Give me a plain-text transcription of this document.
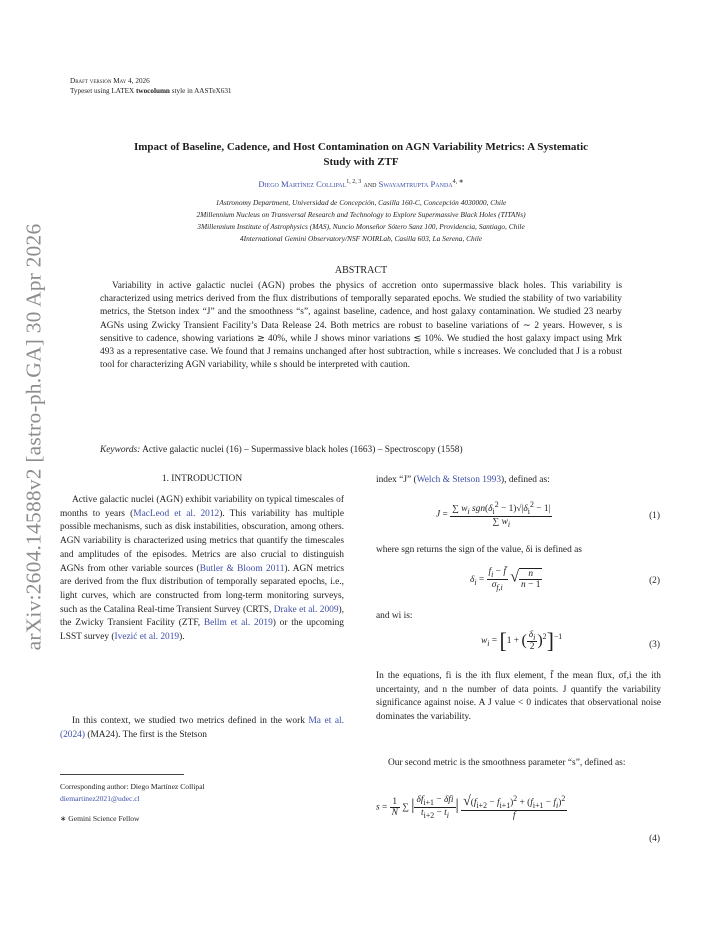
arXiv:2604.14588v2 [astro-ph.GA] 30 Apr 2026
Draft version May 4, 2026
Typeset using LATEX twocolumn style in AASTeX631
Impact of Baseline, Cadence, and Host Contamination on AGN Variability Metrics: A Systematic
Study with ZTF
Diego Martínez Collipal$^{1, 2, 3}$ and Swayamtrupta Panda$^{4, ∗}$
1Astronomy Department, Universidad de Concepción, Casilla 160-C, Concepción 4030000, Chile
2Millennium Nucleus on Transversal Research and Technology to Explore Supermassive Black Holes (TITANs)
3Millennium Institute of Astrophysics (MAS), Nuncio Monseñor Sótero Sanz 100, Providencia, Santiago, Chile
4International Gemini Observatory/NSF NOIRLab, Casilla 603, La Serena, Chile
ABSTRACT
Variability in active galactic nuclei (AGN) probes the physics of accretion onto supermassive black holes. This variability is characterized using metrics derived from the flux distributions of temporally separated epochs. We studied the stability of two variability metrics, the Stetson index “J” and the smoothness “s”, against baseline, cadence, and host galaxy contamination. We studied 23 nearby AGNs using Zwicky Transient Facility’s Data Release 24. Both metrics are robust to baseline variations of ∼ 2 years. However, s is sensitive to cadence, showing variations ≳ 40%, while J shows minor variations ≲ 10%. We studied the host galaxy impact using Mrk 493 as a representative case. We found that J remains unchanged after host subtraction, while s increases. We concluded that J is a robust tool for characterizing AGN variability, while s should be interpreted with caution.
Keywords: Active galactic nuclei (16) – Supermassive black holes (1663) – Spectroscopy (1558)
1. INTRODUCTION
Active galactic nuclei (AGN) exhibit variability on typical timescales of months to years (MacLeod et al. 2012). This variability has multiple possible mechanisms, such as disk instabilities, obscuration, among others. AGN variability is characterized using metrics that quantify the timescales and amplitudes of the episodes. Metrics are also crucial to distinguish AGNs from other variable sources (Butler & Bloom 2011). AGN metrics are derived from the flux distribution of temporally separated epochs, i.e., light curves, which are constructed from long-term monitoring surveys, such as the Catalina Real-time Transient Survey (CRTS, Drake et al. 2009), the Zwicky Transient Facility (ZTF, Bellm et al. 2019) or the upcoming LSST survey (Ivezić et al. 2019).
In this context, we studied two metrics defined in the work Ma et al. (2024) (MA24). The first is the Stetson
Corresponding author: Diego Martínez Collipal
diemartinez2021@udec.cl
∗ Gemini Science Fellow
index “J” (Welch & Stetson 1993), defined as:
$J = \frac{\sum w_i sgn(\delta_i^2 - 1)√|\delta_i^2 - 1|}{\sum w_i}$	(1)
where sgn returns the sign of the value, δi is defined as
$\delta_i = \frac{f_i - f̄}{\sigma_{f,i}}$ √ $\frac{n}{n - 1}$	(2)
and wi is:
$w_i = [1$ + ( $\frac{\delta_i}{2} )^2]^{-1}$
(3)
In the equations, fi is the ith flux element, f̄ the mean flux, σf,i the ith uncertainty, and n the number of data points. J quantify the variability significance against noise. A J value < 0 indicates that observational noise dominates the variability.
Our second metric is the smoothness parameter “s”, defined as:
$s = \frac{1}{N}$ ∑ | $\frac{\delta f_{i+1} - \delta fi}{t_{i+2} - t_i}$ | $\frac{√(f_{i+2} - f_{i+1})^2 + (f_{i+1} - f_i)^2}{f̄}$
(4)
